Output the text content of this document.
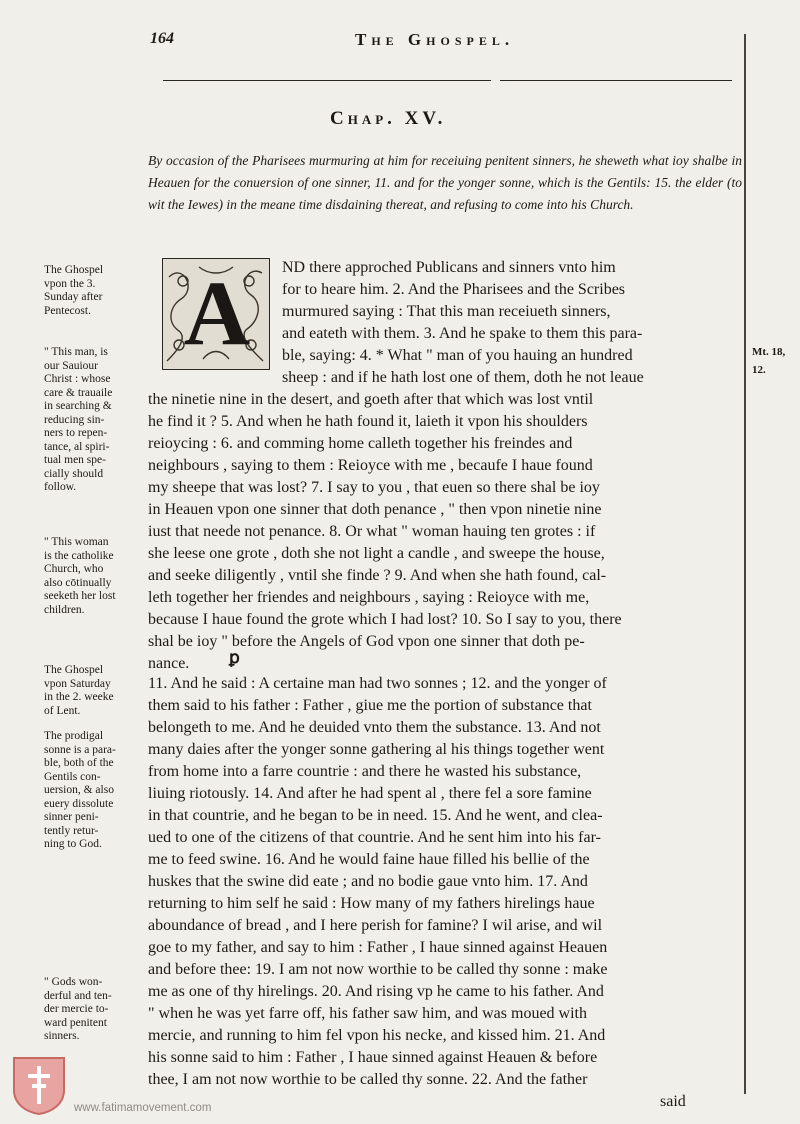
164	The Ghospel.
Chap. XV.
By occasion of the Pharisees murmuring at him for receiuing penitent sinners, he sheweth what ioy shalbe in Heauen for the conuersion of one sinner, 11. and for the yonger sonne, which is the Gentils: 15. the elder (to wit the Iewes) in the meane time disdaining thereat, and refusing to come into his Church.
A	ND there approched Publicans and sinners vnto him
for to heare him. 2. And the Pharisees and the Scribes
murmured saying : That this man receiueth sinners,
and eateth with them. 3. And he spake to them this para-
ble, saying: 4. * What " man of you hauing an hundred
sheep : and if he hath lost one of them, doth he not leaue
the ninetie nine in the desert, and goeth after that which was lost vntil
he find it ? 5. And when he hath found it, laieth it vpon his shoulders
reioycing : 6. and comming home calleth together his freindes and
neighbours , saying to them : Reioyce with me , becaufe I haue found
my sheepe that was lost? 7. I say to you , that euen so there shal be ioy
in Heauen vpon one sinner that doth penance , " then vpon ninetie nine
iust that neede not penance. 8. Or what " woman hauing ten grotes : if
she leese one grote , doth she not light a candle , and sweepe the house,
and seeke diligently , vntil she finde ? 9. And when she hath found, cal-
leth together her friendes and neighbours , saying : Reioyce with me,
because I haue found the grote which I had lost? 10. So I say to you, there
shal be ioy " before the Angels of God vpon one sinner that doth pe-
nance.
11. And he said : A certaine man had two sonnes ; 12. and the yonger of
them said to his father : Father , giue me the portion of substance that
belongeth to me. And he deuided vnto them the substance. 13. And not
many daies after the yonger sonne gathering al his things together went
from home into a farre countrie : and there he wasted his substance,
liuing riotously. 14. And after he had spent al , there fel a sore famine
in that countrie, and he began to be in need. 15. And he went, and clea-
ued to one of the citizens of that countrie. And he sent him into his far-
me to feed swine. 16. And he would faine haue filled his bellie of the
huskes that the swine did eate ; and no bodie gaue vnto him. 17. And
returning to him self he said : How many of my fathers hirelings haue
aboundance of bread , and I here perish for famine? I wil arise, and wil
goe to my father, and say to him : Father , I haue sinned against Heauen
and before thee: 19. I am not now worthie to be called thy sonne : make
me as one of thy hirelings. 20. And rising vp he came to his father. And
" when he was yet farre off, his father saw him, and was moued with
mercie, and running to him fel vpon his necke, and kissed him. 21. And
his sonne said to him : Father , I haue sinned against Heauen & before
thee, I am not now worthie to be called thy sonne. 22. And the father
said
The Ghospel
vpon the 3.
Sunday after
Pentecost.
" This man, is
our Sauiour
Christ : whose
care & trauaile
in searching &
reducing sin-
ners to repen-
tance, al spiri-
tual men spe-
cially should
follow.
" This woman
is the catholike
Church, who
also cōtinually
seeketh her lost
children.
The Ghospel
vpon Saturday
in the 2. weeke
of Lent.
The prodigal
sonne is a para-
ble, both of the
Gentils con-
uersion, & also
euery dissolute
sinner peni-
tently retur-
ning to God.
" Gods won-
derful and ten-
der mercie to-
ward penitent
sinners.
Mt. 18,
12.
ꝑ
www.fatimamovement.com
